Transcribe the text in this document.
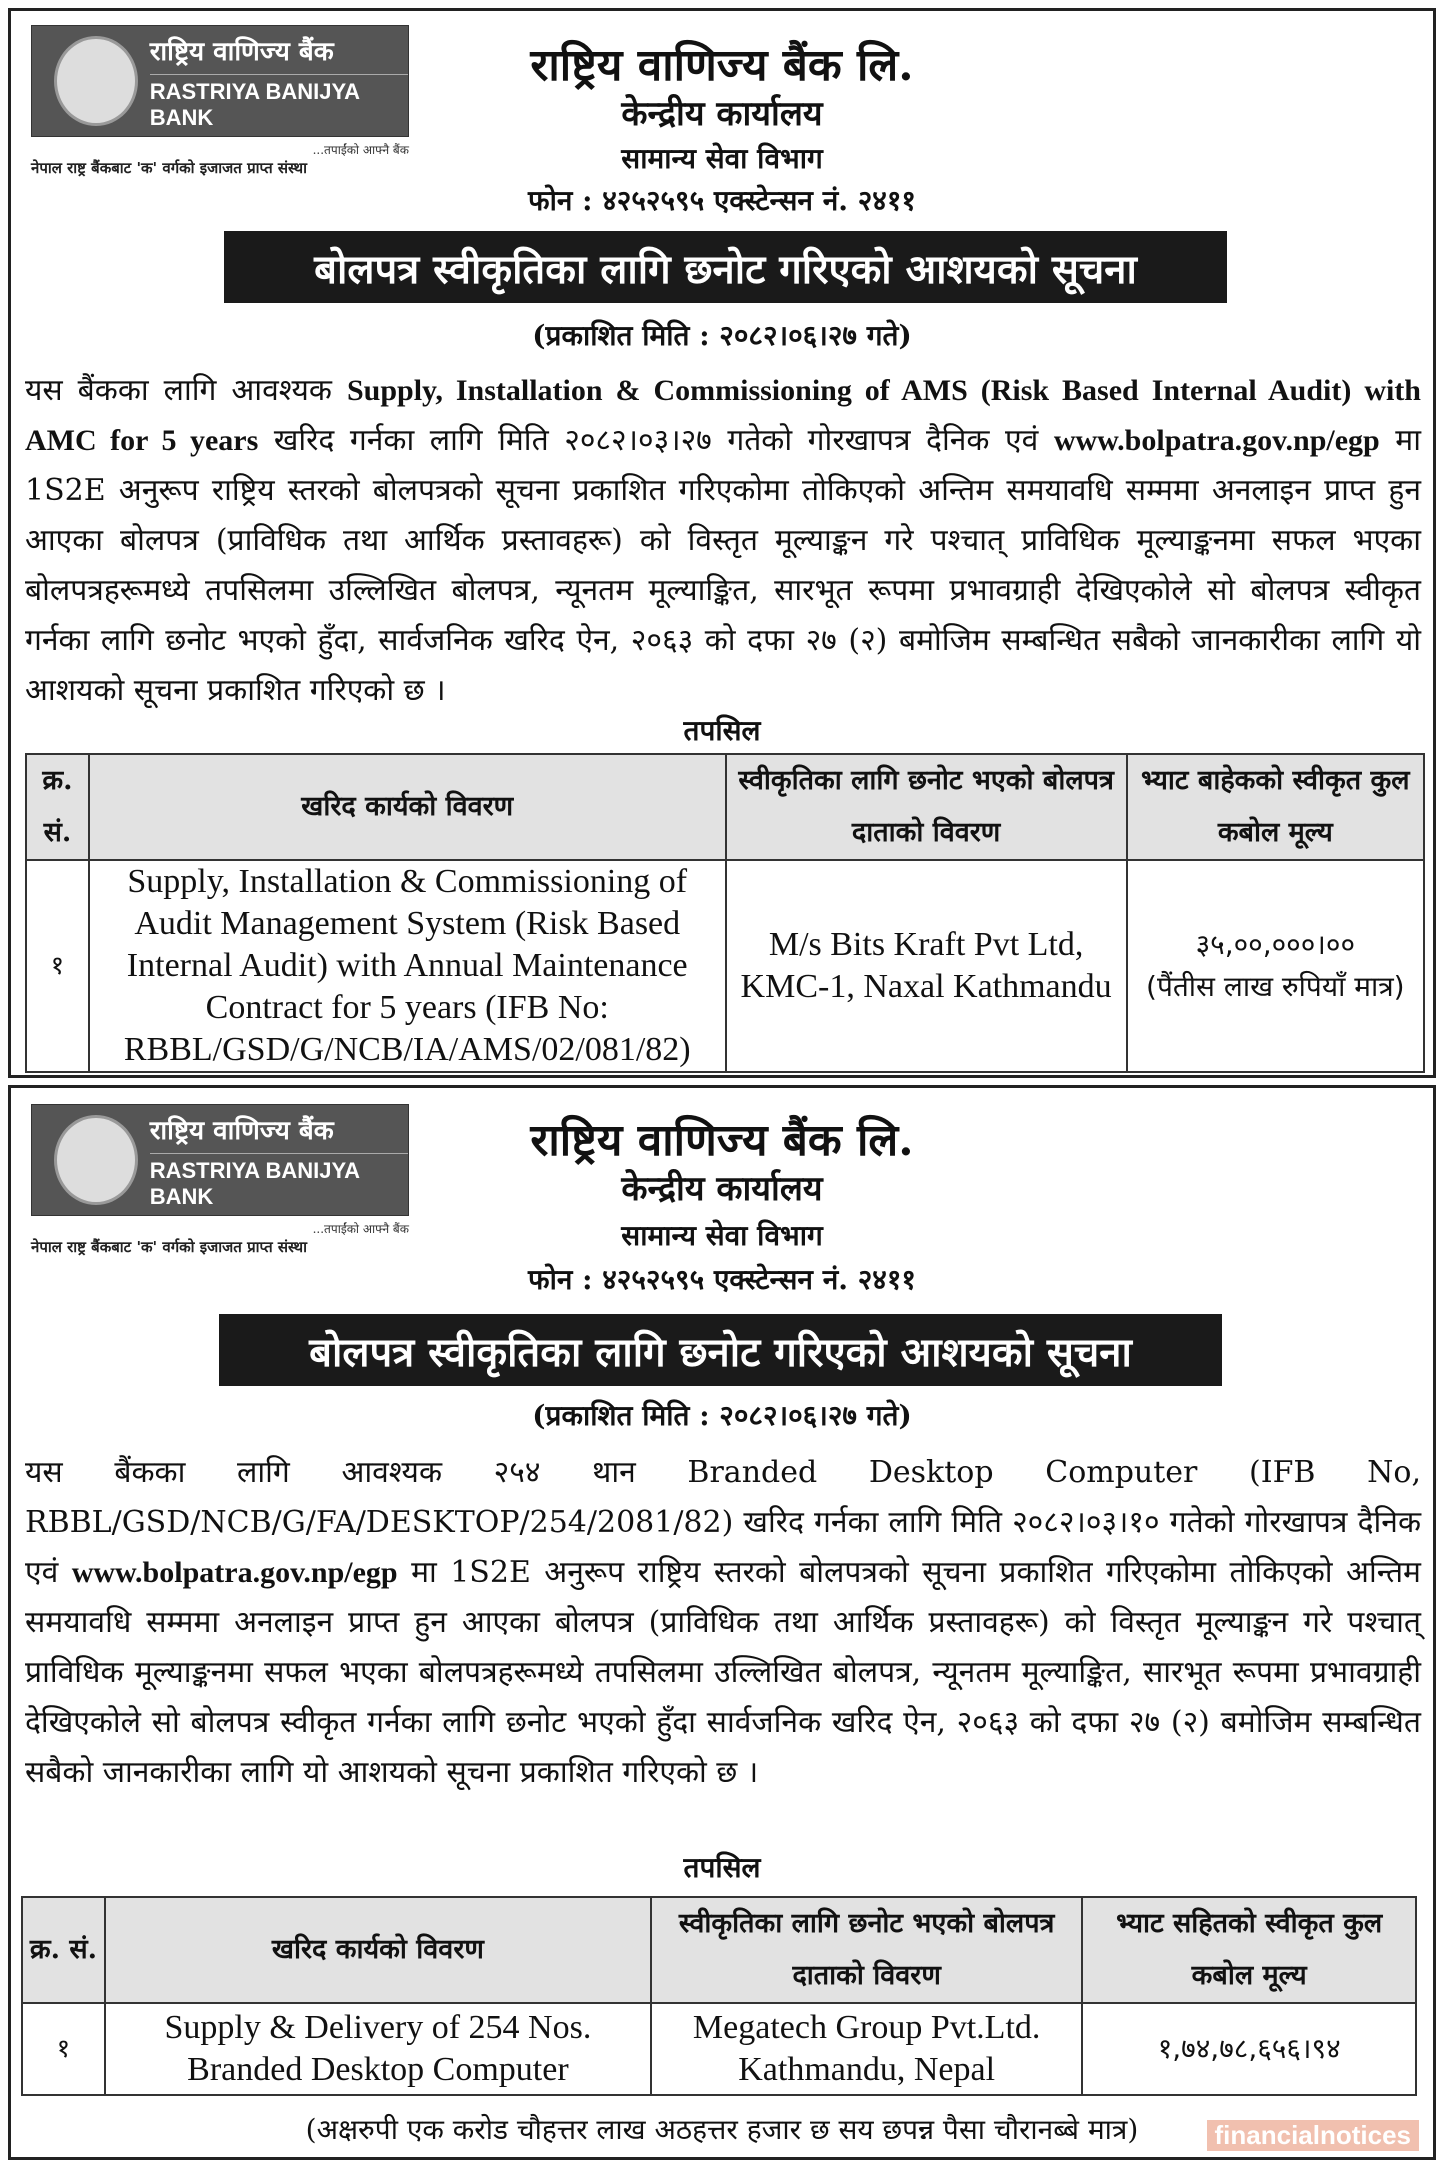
राष्ट्रिय वाणिज्य बैंक
RASTRIYA BANIJYA BANK
...तपाईंको आफ्नै बैंक
नेपाल राष्ट्र बैंकबाट 'क' वर्गको इजाजत प्राप्त संस्था
राष्ट्रिय वाणिज्य बैंक लि.
केन्द्रीय कार्यालय
सामान्य सेवा विभाग
फोन : ४२५२५९५ एक्स्टेन्सन नं. २४११
बोलपत्र स्वीकृतिका लागि छनोट गरिएको आशयको सूचना
(प्रकाशित मिति : २०८२।०६।२७ गते)
यस बैंकका लागि आवश्यक Supply, Installation & Commissioning of AMS (Risk Based Internal Audit) with AMC for 5 years खरिद गर्नका लागि मिति २०८२।०३।२७ गतेको गोरखापत्र दैनिक एवं www.bolpatra.gov.np/egp मा 1S2E अनुरूप राष्ट्रिय स्तरको बोलपत्रको सूचना प्रकाशित गरिएकोमा तोकिएको अन्तिम समयावधि सम्ममा अनलाइन प्राप्त हुन आएका बोलपत्र (प्राविधिक तथा आर्थिक प्रस्तावहरू) को विस्तृत मूल्याङ्कन गरे पश्चात् प्राविधिक मूल्याङ्कनमा सफल भएका बोलपत्रहरूमध्ये तपसिलमा उल्लिखित बोलपत्र, न्यूनतम मूल्याङ्कित, सारभूत रूपमा प्रभावग्राही देखिएकोले सो बोलपत्र स्वीकृत गर्नका लागि छनोट भएको हुँदा, सार्वजनिक खरिद ऐन, २०६३ को दफा २७ (२) बमोजिम सम्बन्धित सबैको जानकारीका लागि यो आशयको सूचना प्रकाशित गरिएको छ ।
तपसिल
क्र. सं.	खरिद कार्यको विवरण	स्वीकृतिका लागि छनोट भएको बोलपत्र दाताको विवरण	भ्याट बाहेकको स्वीकृत कुल कबोल मूल्य
१	Supply, Installation & Commissioning of Audit Management System (Risk Based Internal Audit) with Annual Maintenance Contract for 5 years (IFB No: RBBL/GSD/G/NCB/IA/AMS/02/081/82)	M/s Bits Kraft Pvt Ltd, KMC-1, Naxal Kathmandu	३५,००,०००।००
(पैंतीस लाख रुपियाँ मात्र)
राष्ट्रिय वाणिज्य बैंक
RASTRIYA BANIJYA BANK
...तपाईंको आफ्नै बैंक
नेपाल राष्ट्र बैंकबाट 'क' वर्गको इजाजत प्राप्त संस्था
राष्ट्रिय वाणिज्य बैंक लि.
केन्द्रीय कार्यालय
सामान्य सेवा विभाग
फोन : ४२५२५९५ एक्स्टेन्सन नं. २४११
बोलपत्र स्वीकृतिका लागि छनोट गरिएको आशयको सूचना
(प्रकाशित मिति : २०८२।०६।२७ गते)
यस बैंकका लागि आवश्यक २५४ थान Branded Desktop Computer (IFB No, RBBL/GSD/NCB/G/FA/DESKTOP/254/2081/82) खरिद गर्नका लागि मिति २०८२।०३।१० गतेको गोरखापत्र दैनिक एवं www.bolpatra.gov.np/egp मा 1S2E अनुरूप राष्ट्रिय स्तरको बोलपत्रको सूचना प्रकाशित गरिएकोमा तोकिएको अन्तिम समयावधि सम्ममा अनलाइन प्राप्त हुन आएका बोलपत्र (प्राविधिक तथा आर्थिक प्रस्तावहरू) को विस्तृत मूल्याङ्कन गरे पश्चात् प्राविधिक मूल्याङ्कनमा सफल भएका बोलपत्रहरूमध्ये तपसिलमा उल्लिखित बोलपत्र, न्यूनतम मूल्याङ्कित, सारभूत रूपमा प्रभावग्राही देखिएकोले सो बोलपत्र स्वीकृत गर्नका लागि छनोट भएको हुँदा सार्वजनिक खरिद ऐन, २०६३ को दफा २७ (२) बमोजिम सम्बन्धित सबैको जानकारीका लागि यो आशयको सूचना प्रकाशित गरिएको छ ।
तपसिल
क्र. सं.	खरिद कार्यको विवरण	स्वीकृतिका लागि छनोट भएको बोलपत्र दाताको विवरण	भ्याट सहितको स्वीकृत कुल कबोल मूल्य
१	Supply & Delivery of 254 Nos. Branded Desktop Computer	Megatech Group Pvt.Ltd. Kathmandu, Nepal	१,७४,७८,६५६।९४
(अक्षरुपी एक करोड चौहत्तर लाख अठहत्तर हजार छ सय छपन्न पैसा चौरानब्बे मात्र)	financialnotices
